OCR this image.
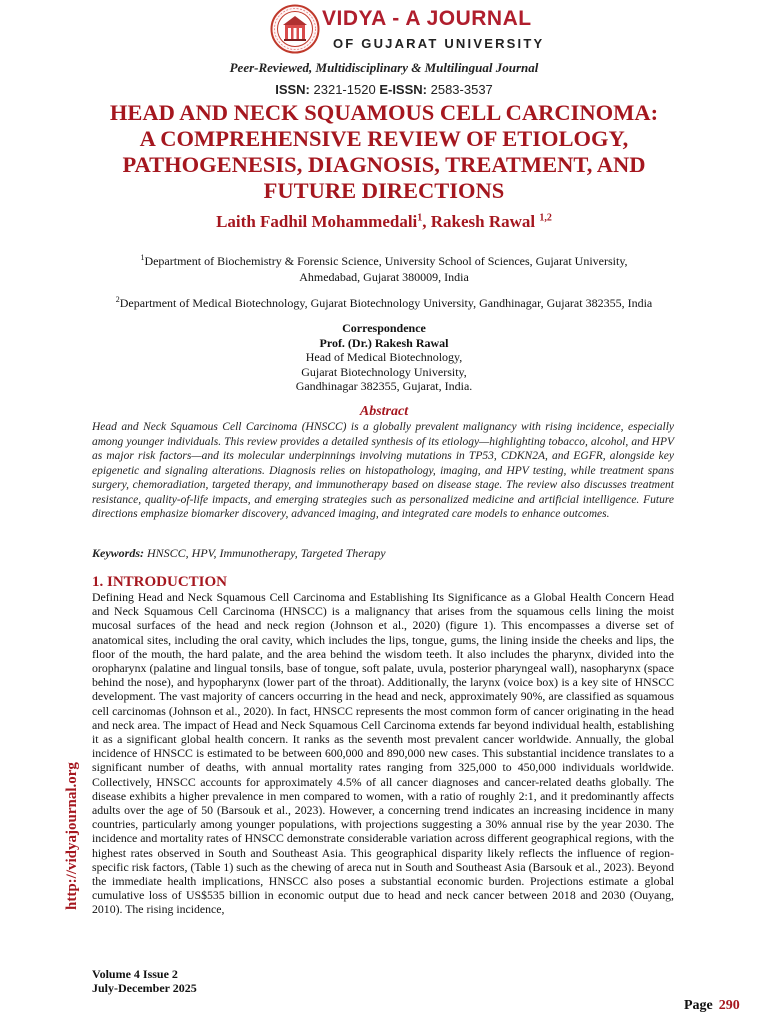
VIDYA - A JOURNAL
OF GUJARAT UNIVERSITY
Peer-Reviewed, Multidisciplinary & Multilingual Journal
ISSN: 2321-1520 E-ISSN: 2583-3537
HEAD AND NECK SQUAMOUS CELL CARCINOMA:
A COMPREHENSIVE REVIEW OF ETIOLOGY,
PATHOGENESIS, DIAGNOSIS, TREATMENT, AND
FUTURE DIRECTIONS
Laith Fadhil Mohammedali$^1$, Rakesh Rawal $^{1,2}$
$^1$Department of Biochemistry & Forensic Science, University School of Sciences, Gujarat University,
Ahmedabad, Gujarat 380009, India
$^2$Department of Medical Biotechnology, Gujarat Biotechnology University, Gandhinagar, Gujarat 382355, India
Correspondence
Prof. (Dr.) Rakesh Rawal
Head of Medical Biotechnology,
Gujarat Biotechnology University,
Gandhinagar 382355, Gujarat, India.
Abstract

Head and Neck Squamous Cell Carcinoma (HNSCC) is a globally prevalent malignancy with rising incidence, especially among younger individuals. This review provides a detailed synthesis of its etiology—highlighting tobacco, alcohol, and HPV as major risk factors—and its molecular underpinnings involving mutations in TP53, CDKN2A, and EGFR, alongside key epigenetic and signaling alterations. Diagnosis relies on histopathology, imaging, and HPV testing, while treatment spans surgery, chemoradiation, targeted therapy, and immunotherapy based on disease stage. The review also discusses treatment resistance, quality-of-life impacts, and emerging strategies such as personalized medicine and artificial intelligence. Future directions emphasize biomarker discovery, advanced imaging, and integrated care models to enhance outcomes.

Keywords: HNSCC, HPV, Immunotherapy, Targeted Therapy
1. INTRODUCTION

Defining Head and Neck Squamous Cell Carcinoma and Establishing Its Significance as a Global Health Concern Head and Neck Squamous Cell Carcinoma (HNSCC) is a malignancy that arises from the squamous cells lining the moist mucosal surfaces of the head and neck region (Johnson et al., 2020) (figure 1). This encompasses a diverse set of anatomical sites, including the oral cavity, which includes the lips, tongue, gums, the lining inside the cheeks and lips, the floor of the mouth, the hard palate, and the area behind the wisdom teeth. It also includes the pharynx, divided into the oropharynx (palatine and lingual tonsils, base of tongue, soft palate, uvula, posterior pharyngeal wall), nasopharynx (space behind the nose), and hypopharynx (lower part of the throat). Additionally, the larynx (voice box) is a key site of HNSCC development. The vast majority of cancers occurring in the head and neck, approximately 90%, are classified as squamous cell carcinomas (Johnson et al., 2020). In fact, HNSCC represents the most common form of cancer originating in the head and neck area. The impact of Head and Neck Squamous Cell Carcinoma extends far beyond individual health, establishing it as a significant global health concern. It ranks as the seventh most prevalent cancer worldwide. Annually, the global incidence of HNSCC is estimated to be between 600,000 and 890,000 new cases. This substantial incidence translates to a significant number of deaths, with annual mortality rates ranging from 325,000 to 450,000 individuals worldwide. Collectively, HNSCC accounts for approximately 4.5% of all cancer diagnoses and cancer-related deaths globally. The disease exhibits a higher prevalence in men compared to women, with a ratio of roughly 2:1, and it predominantly affects adults over the age of 50 (Barsouk et al., 2023). However, a concerning trend indicates an increasing incidence in many countries, particularly among younger populations, with projections suggesting a 30% annual rise by the year 2030. The incidence and mortality rates of HNSCC demonstrate considerable variation across different geographical regions, with the highest rates observed in South and Southeast Asia. This geographical disparity likely reflects the influence of region-specific risk factors, (Table 1) such as the chewing of areca nut in South and Southeast Asia (Barsouk et al., 2023). Beyond the immediate health implications, HNSCC also poses a substantial economic burden. Projections estimate a global cumulative loss of US$535 billion in economic output due to head and neck cancer between 2018 and 2030 (Ouyang, 2010). The rising incidence,

http://vidyajournal.org
Volume 4 Issue 2
July-December 2025
Page 290
